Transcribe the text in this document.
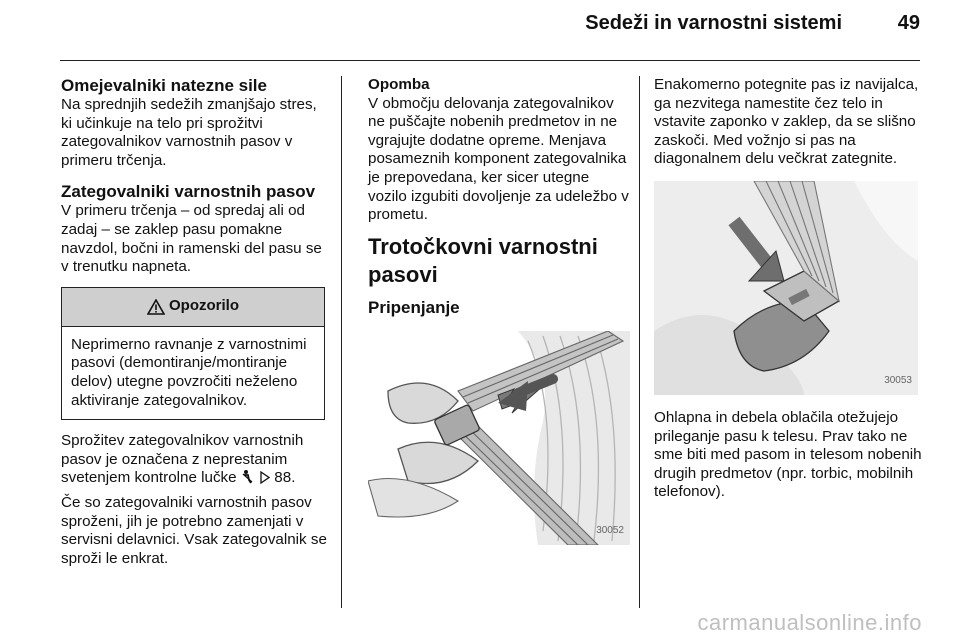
Sedeži in varnostni sistemi	49
Omejevalniki natezne sile

Na sprednjih sedežih zmanjšajo stres, ki učinkuje na telo pri sprožitvi zategovalnikov varnostnih pasov v primeru trčenja.

Zategovalniki varnostnih pasov

V primeru trčenja – od spredaj ali od zadaj – se zaklep pasu pomakne navzdol, bočni in ramenski del pasu se v trenutku napneta.

Opozorilo

Neprimerno ravnanje z varnostnimi pasovi (demontiranje/montiranje delov) utegne povzročiti neželeno aktiviranje zategovalnikov.

Sprožitev zategovalnikov varnostnih pasov je označena z neprestanim svetenjem kontrolne lučke 88.

Če so zategovalniki varnostnih pasov sproženi, jih je potrebno zamenjati v servisni delavnici. Vsak zategovalnik se sproži le enkrat.

Opomba

V območju delovanja zategovalnikov ne puščajte nobenih predmetov in ne vgrajujte dodatne opreme. Menjava posameznih komponent zategovalnika je prepovedana, ker sicer utegne vozilo izgubiti dovoljenje za udeležbo v prometu.

Trotočkovni varnostni pasovi
Pripenjanje
30052

Enakomerno potegnite pas iz navijalca, ga nezvitega namestite čez telo in vstavite zaponko v zaklep, da se slišno zaskoči. Med vožnjo si pas na diagonalnem delu večkrat zategnite.

30053

Ohlapna in debela oblačila otežujejo prileganje pasu k telesu. Prav tako ne sme biti med pasom in telesom nobenih drugih predmetov (npr. torbic, mobilnih telefonov).

carmanualsonline.info
